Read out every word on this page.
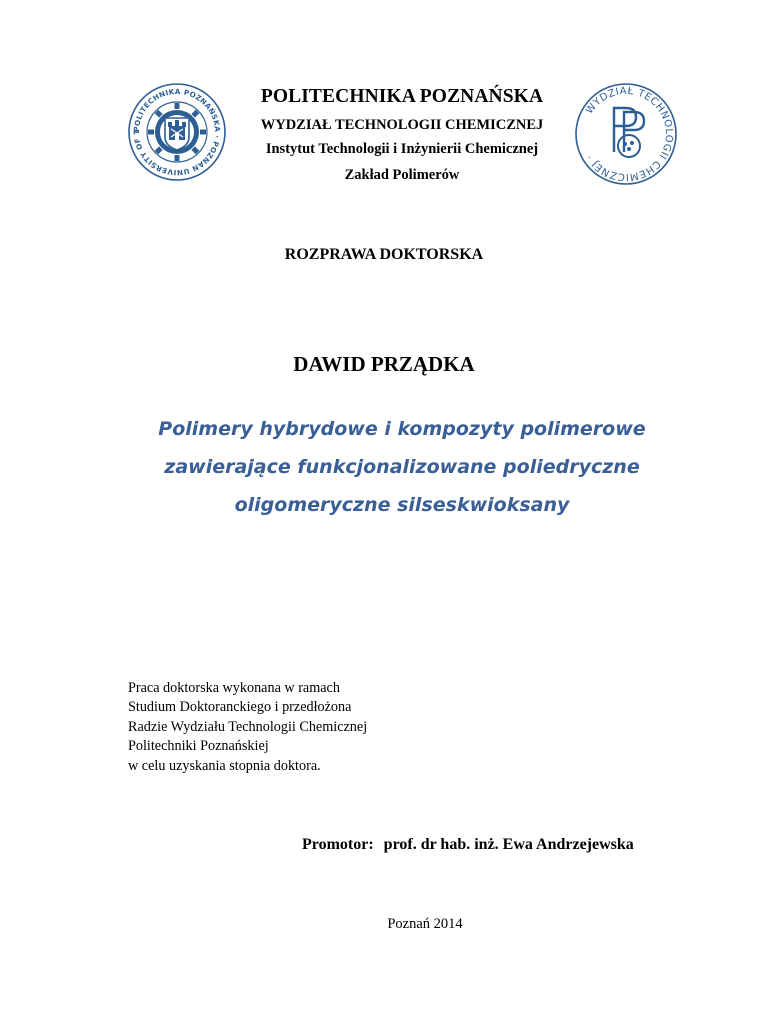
POLITECHNIKA POZNAŃSKA · POZNAN UNIVERSITY OF T
POLITECHNIKA POZNAŃSKA
WYDZIAŁ TECHNOLOGII CHEMICZNEJ
Instytut Technologii i Inżynierii Chemicznej
Zakład Polimerów
WYDZIAŁ TECHNOLOGII CHEMICZNEJ ·
ROZPRAWA DOKTORSKA
DAWID PRZĄDKA
Polimery hybrydowe i kompozyty polimerowe
zawierające funkcjonalizowane poliedryczne
oligomeryczne silseskwioksany
Praca doktorska wykonana w ramach
Studium Doktoranckiego i przedłożona
Radzie Wydziału Technologii Chemicznej
Politechniki Poznańskiej
w celu uzyskania stopnia doktora.
Promotor: prof. dr hab. inż. Ewa Andrzejewska
Poznań 2014
